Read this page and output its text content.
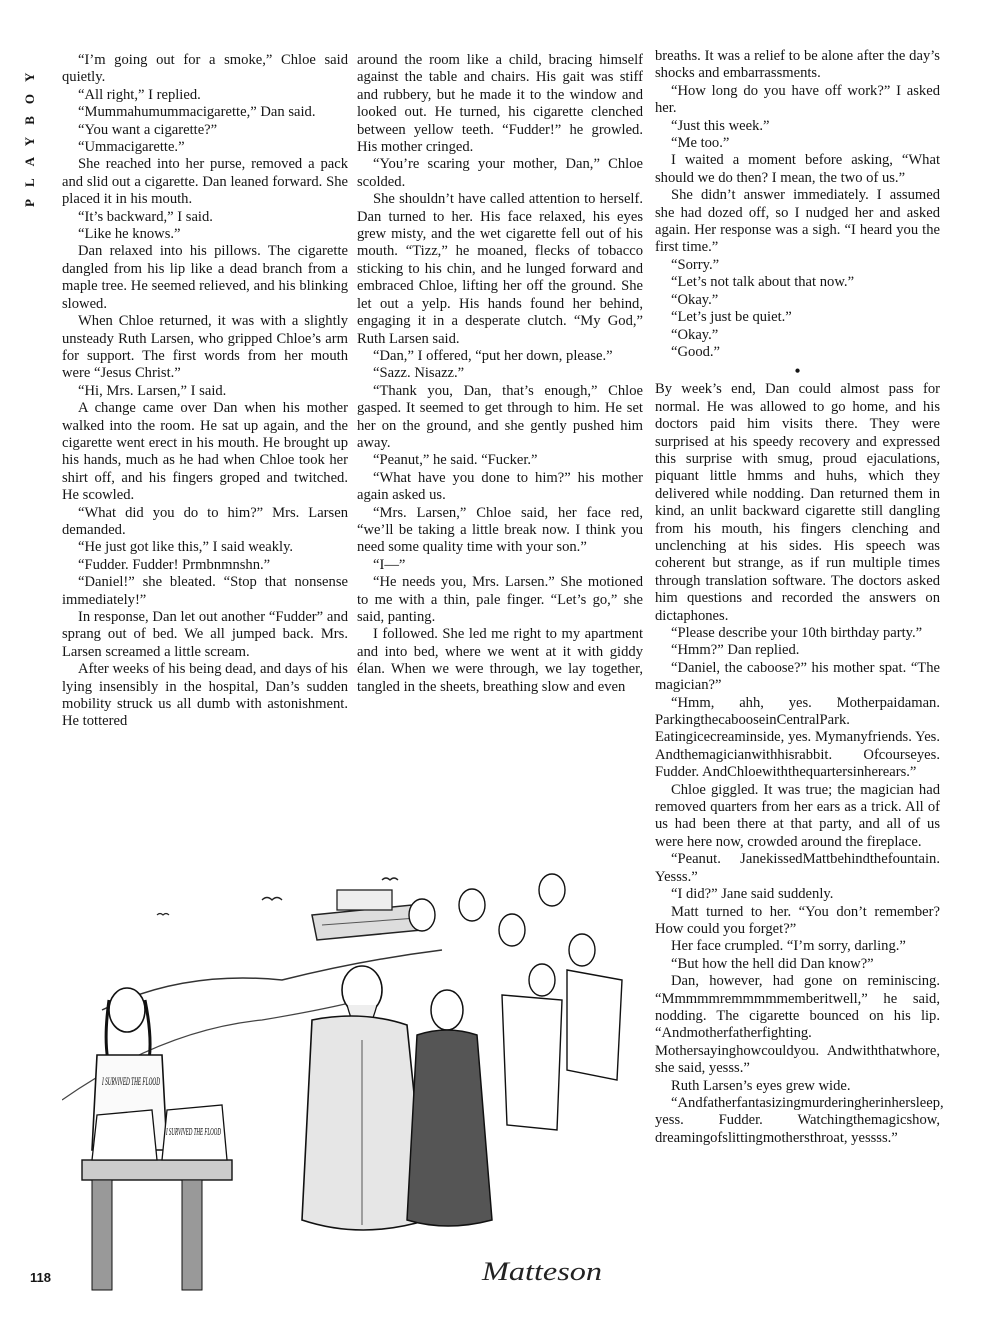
PLAYBOY

“I’m going out for a smoke,” Chloe said quietly.

“All right,” I replied.

“Mummahumummacigarette,” Dan said.

“You want a cigarette?”

“Ummacigarette.”

She reached into her purse, removed a pack and slid out a cigarette. Dan leaned forward. She placed it in his mouth.

“It’s backward,” I said.

“Like he knows.”

Dan relaxed into his pillows. The cigarette dangled from his lip like a dead branch from a maple tree. He seemed relieved, and his blinking slowed.

When Chloe returned, it was with a slightly unsteady Ruth Larsen, who gripped Chloe’s arm for support. The first words from her mouth were “Jesus Christ.”

“Hi, Mrs. Larsen,” I said.

A change came over Dan when his mother walked into the room. He sat up again, and the cigarette went erect in his mouth. He brought up his hands, much as he had when Chloe took her shirt off, and his fingers groped and twitched. He scowled.

“What did you do to him?” Mrs. Larsen demanded.

“He just got like this,” I said weakly.

“Fudder. Fudder! Prmbnmnshn.”

“Daniel!” she bleated. “Stop that nonsense immediately!”

In response, Dan let out another “Fudder” and sprang out of bed. We all jumped back. Mrs. Larsen screamed a little scream.

After weeks of his being dead, and days of his lying insensibly in the hospital, Dan’s sudden mobility struck us all dumb with astonishment. He tottered

around the room like a child, bracing himself against the table and chairs. His gait was stiff and rubbery, but he made it to the window and looked out. He turned, his cigarette clenched between yellow teeth. “Fudder!” he growled. His mother cringed.

“You’re scaring your mother, Dan,” Chloe scolded.

She shouldn’t have called attention to herself. Dan turned to her. His face relaxed, his eyes grew misty, and the wet cigarette fell out of his mouth. “Tizz,” he moaned, flecks of tobacco sticking to his chin, and he lunged forward and embraced Chloe, lifting her off the ground. She let out a yelp. His hands found her behind, engaging it in a desperate clutch. “My God,” Ruth Larsen said.

“Dan,” I offered, “put her down, please.”

“Sazz. Nisazz.”

“Thank you, Dan, that’s enough,” Chloe gasped. It seemed to get through to him. He set her on the ground, and she gently pushed him away.

“Peanut,” he said. “Fucker.”

“What have you done to him?” his mother again asked us.

“Mrs. Larsen,” Chloe said, her face red, “we’ll be taking a little break now. I think you need some quality time with your son.”

“I—”

“He needs you, Mrs. Larsen.” She motioned to me with a thin, pale finger. “Let’s go,” she said, panting.

I followed. She led me right to my apartment and into bed, where we went at it with giddy élan. When we were through, we lay together, tangled in the sheets, breathing slow and even

breaths. It was a relief to be alone after the day’s shocks and embarrassments.

“How long do you have off work?” I asked her.

“Just this week.”

“Me too.”

I waited a moment before asking, “What should we do then? I mean, the two of us.”

She didn’t answer immediately. I assumed she had dozed off, so I nudged her and asked again. Her response was a sigh. “I heard you the first time.”

“Sorry.”

“Let’s not talk about that now.”

“Okay.”

“Let’s just be quiet.”

“Okay.”

“Good.”

•

By week’s end, Dan could almost pass for normal. He was allowed to go home, and his doctors paid him visits there. They were surprised at his speedy recovery and expressed this surprise with smug, proud ejaculations, piquant little hmms and huhs, which they delivered while nodding. Dan returned them in kind, an unlit backward cigarette still dangling from his mouth, his fingers clenching and unclenching at his sides. His speech was coherent but strange, as if run multiple times through translation software. The doctors asked him questions and recorded the answers on dictaphones.

“Please describe your 10th birthday party.”

“Hmm?” Dan replied.

“Daniel, the caboose?” his mother spat. “The magician?”

“Hmm, ahh, yes. Motherpaidaman. ParkingthecabooseinCentralPark. Eatingicecreaminside, yes. Mymanyfriends. Yes. Andthemagicianwithhisrabbit. Ofcourseyes. Fudder. AndChloewiththequartersinherears.”

Chloe giggled. It was true; the magician had removed quarters from her ears as a trick. All of us had been there at that party, and all of us were here now, crowded around the fireplace.

“Peanut. JanekissedMattbehindthefountain. Yesss.”

“I did?” Jane said suddenly.

Matt turned to her. “You don’t remember? How could you forget?”

Her face crumpled. “I’m sorry, darling.”

“But how the hell did Dan know?”

Dan, however, had gone on reminiscing. “Mmmmmremmmmmemberitwell,” he said, nodding. The cigarette bounced on his lip. “Andmotherfatherfighting. Mothersayinghowcouldyou. Andwiththatwhore, she said, yesss.”

Ruth Larsen’s eyes grew wide.

“Andfatherfantasizingmurderingherinhersleep, yess. Fudder. Watchingthemagicshow, dreamingofslittingmothersthroat, yessss.”

I SURVIVED THE FLOOD
I SURVIVED THE FLOOD
Matteson
118
